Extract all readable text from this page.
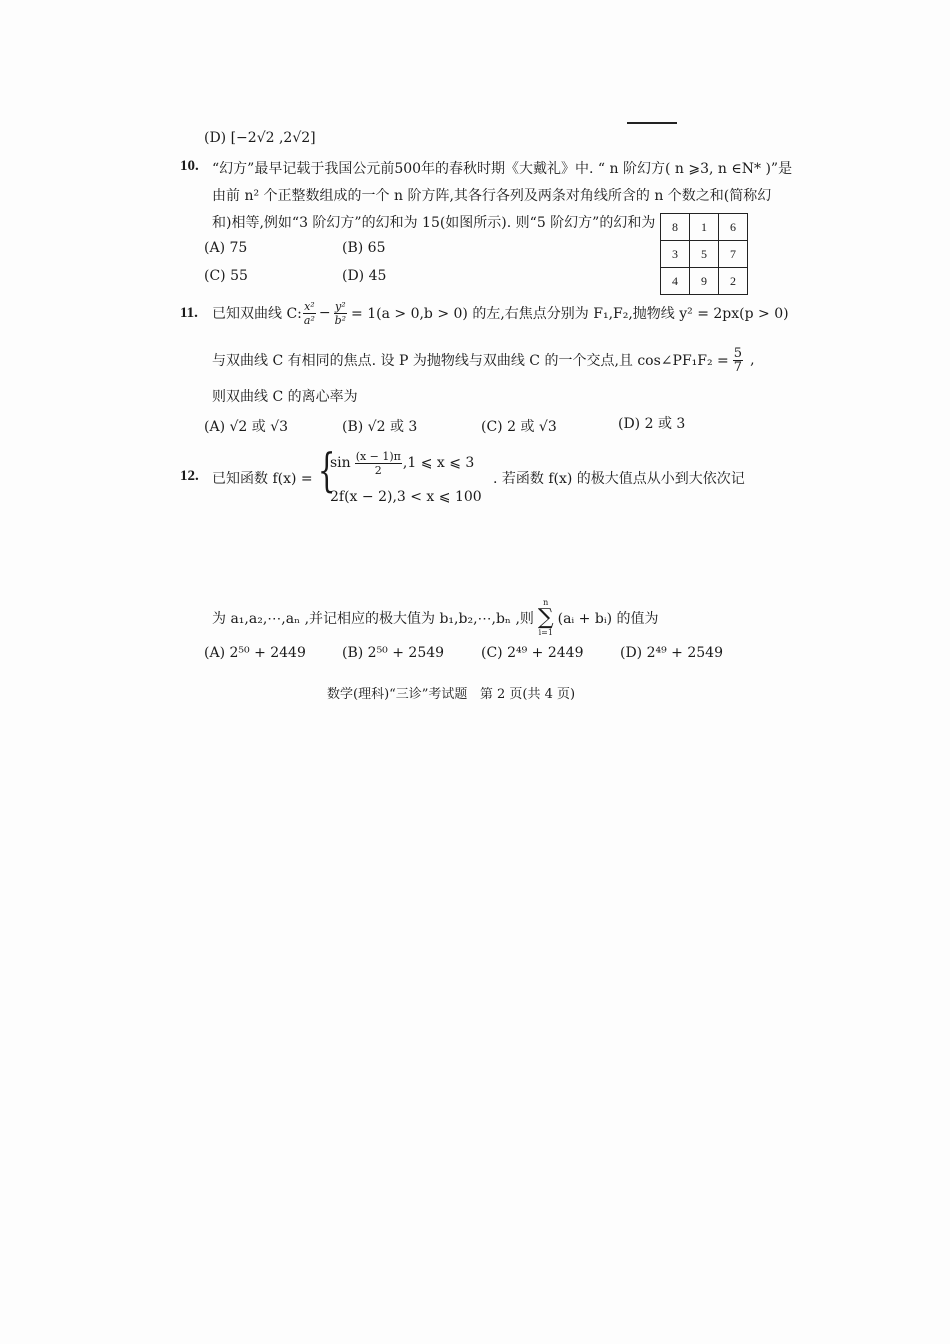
(D) [−2√2 ,2√2]
10. “幻方”最早记载于我国公元前500年的春秋时期《大戴礼》中. “ n 阶幻方( n ⩾3, n ∈N* )”是
由前 n² 个正整数组成的一个 n 阶方阵,其各行各列及两条对角线所含的 n 个数之和(简称幻
和)相等,例如“3 阶幻方”的幻和为 15(如图所示). 则“5 阶幻方”的幻和为
(A) 75	(B) 65
(C) 55	(D) 45
8	1	6
3	5	7
4	9	2
11. 已知双曲线 C: $\frac{\text{x²}}{\text{a²}} - \frac{\text{y²}}{\text{b²}} = 1(a > 0,b > 0)$ 的左,右焦点分别为 F₁,F₂,抛物线 y² = 2px(p > 0)
与双曲线 C 有相同的焦点. 设 P 为抛物线与双曲线 C 的一个交点,且 cos∠PF₁F₂ = $\frac{5}{7}$ ,
则双曲线 C 的离心率为
(A) √2 或 √3	(B) √2 或 3	(C) 2 或 √3	(D) 2 或 3
12. 已知函数 f(x) = {
$\sin \frac{(x - 1)\pi}{2} ,1$ ⩽ x ⩽ 3
2f(x − 2),3 < x ⩽ 100
. 若函数 f(x) 的极大值点从小到大依次记
为 a₁,a₂,⋯,aₙ ,并记相应的极大值为 b₁,b₂,⋯,bₙ ,则
n
∑
i=1
(aᵢ + bᵢ) 的值为
(A) 2⁵⁰ + 2449	(B) 2⁵⁰ + 2549	(C) 2⁴⁹ + 2449	(D) 2⁴⁹ + 2549
数学(理科)“三诊”考试题   第 2 页(共 4 页)
